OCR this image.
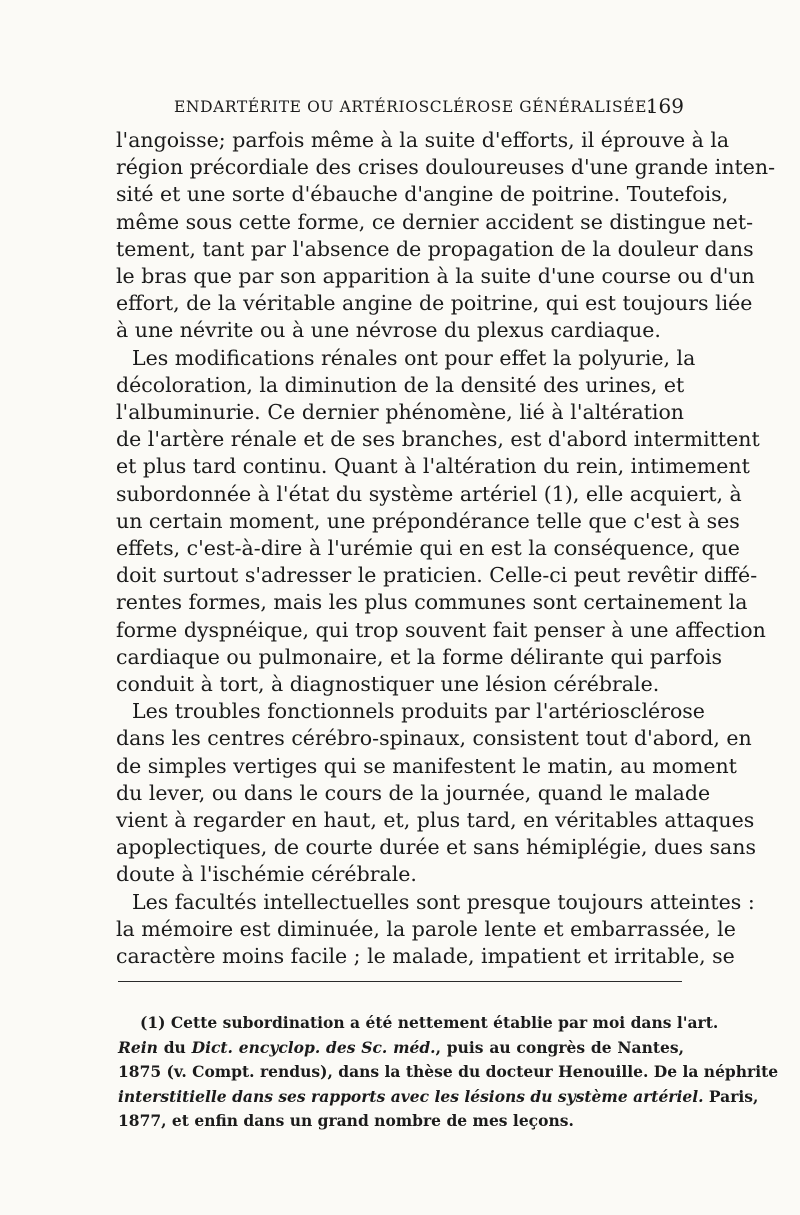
ENDARTÉRITE OU ARTÉRIOSCLÉROSE GÉNÉRALISÉE.
169
l'angoisse; parfois même à la suite d'efforts, il éprouve à la
région précordiale des crises douloureuses d'une grande inten-
sité et une sorte d'ébauche d'angine de poitrine. Toutefois,
même sous cette forme, ce dernier accident se distingue net-
tement, tant par l'absence de propagation de la douleur dans
le bras que par son apparition à la suite d'une course ou d'un
effort, de la véritable angine de poitrine, qui est toujours liée
à une névrite ou à une névrose du plexus cardiaque.
Les modifications rénales ont pour effet la polyurie, la
décoloration, la diminution de la densité des urines, et
l'albuminurie. Ce dernier phénomène, lié à l'altération
de l'artère rénale et de ses branches, est d'abord intermittent
et plus tard continu. Quant à l'altération du rein, intimement
subordonnée à l'état du système artériel (1), elle acquiert, à
un certain moment, une prépondérance telle que c'est à ses
effets, c'est-à-dire à l'urémie qui en est la conséquence, que
doit surtout s'adresser le praticien. Celle-ci peut revêtir diffé-
rentes formes, mais les plus communes sont certainement la
forme dyspnéique, qui trop souvent fait penser à une affection
cardiaque ou pulmonaire, et la forme délirante qui parfois
conduit à tort, à diagnostiquer une lésion cérébrale.
Les troubles fonctionnels produits par l'artériosclérose
dans les centres cérébro-spinaux, consistent tout d'abord, en
de simples vertiges qui se manifestent le matin, au moment
du lever, ou dans le cours de la journée, quand le malade
vient à regarder en haut, et, plus tard, en véritables attaques
apoplectiques, de courte durée et sans hémiplégie, dues sans
doute à l'ischémie cérébrale.
Les facultés intellectuelles sont presque toujours atteintes :
la mémoire est diminuée, la parole lente et embarrassée, le
caractère moins facile ; le malade, impatient et irritable, se
(1) Cette subordination a été nettement établie par moi dans l'art.
Rein du Dict. encyclop. des Sc. méd., puis au congrès de Nantes,
1875 (v. Compt. rendus), dans la thèse du docteur Henouille. De la néphrite
interstitielle dans ses rapports avec les lésions du système artériel. Paris,
1877, et enfin dans un grand nombre de mes leçons.
